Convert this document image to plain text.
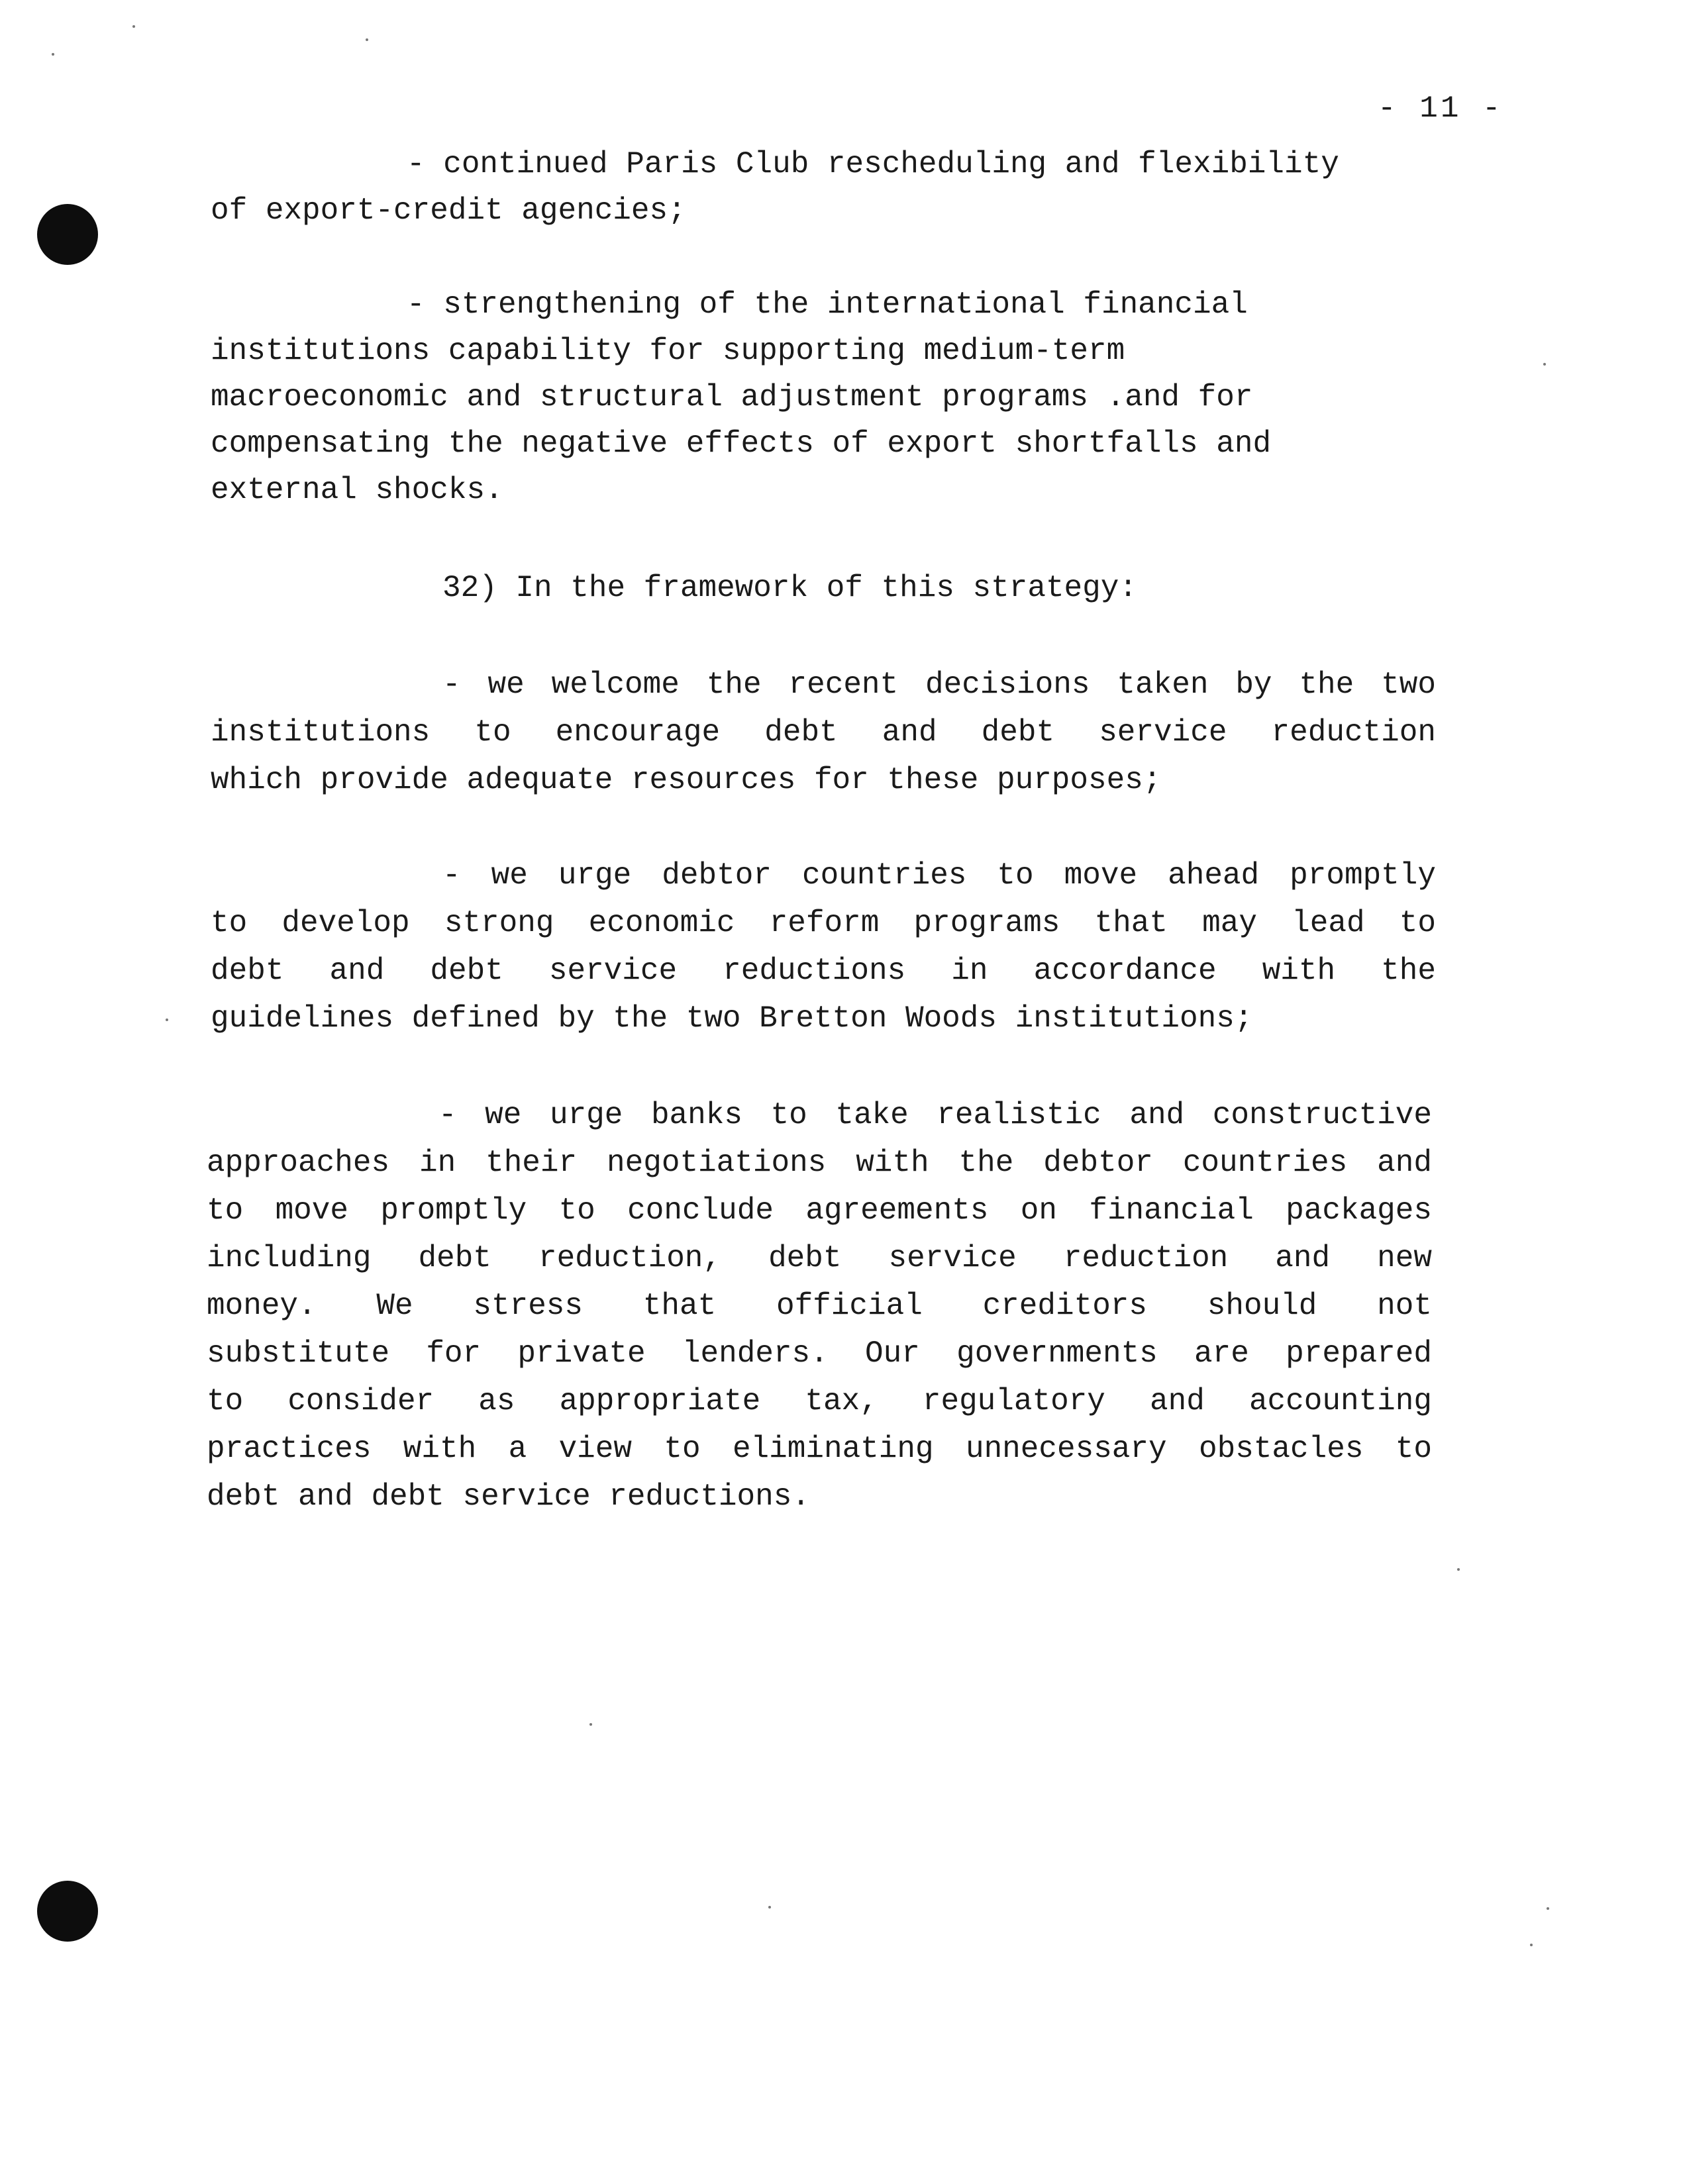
- 11 -
- continued Paris Club rescheduling and flexibility
of export-credit agencies;
- strengthening of the international financial
institutions capability for supporting medium-term
macroeconomic and structural adjustment programs .and for
compensating the negative effects of export shortfalls and
external shocks.
32) In the framework of this strategy:
- we welcome the recent decisions taken by the two
institutions to encourage debt and debt service reduction
which provide adequate resources for these purposes;
- we urge debtor countries to move ahead promptly
to develop strong economic reform programs that may lead to
debt and debt service reductions in accordance with the
guidelines defined by the two Bretton Woods institutions;
- we urge banks to take realistic and constructive
approaches in their negotiations with the debtor countries and
to move promptly to conclude agreements on financial packages
including debt reduction, debt service reduction and new
money. We stress that official creditors should not
substitute for private lenders. Our governments are prepared
to consider as appropriate tax, regulatory and accounting
practices with a view to eliminating unnecessary obstacles to
debt and debt service reductions.
